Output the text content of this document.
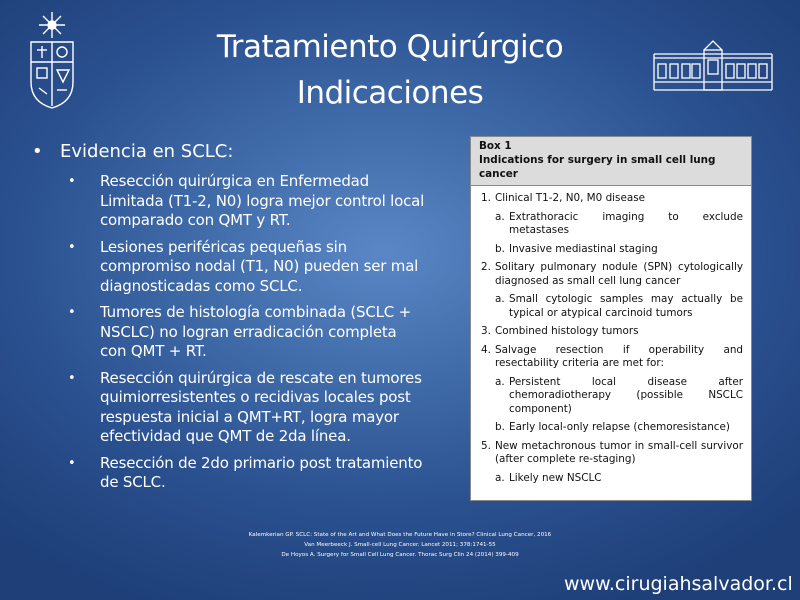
Tratamiento Quirúrgico
Indicaciones
• Evidencia en SCLC:
•	Resección quirúrgica en Enfermedad Limitada (T1-2, N0) logra mejor control local comparado con QMT y RT.
•	Lesiones periféricas pequeñas sin compromiso nodal (T1, N0) pueden ser mal diagnosticadas como SCLC.
•	Tumores de histología combinada (SCLC + NSCLC) no logran erradicación completa con QMT + RT.
•	Resección quirúrgica de rescate en tumores quimiorresistentes o recidivas locales post respuesta inicial a QMT+RT, logra mayor efectividad que QMT de 2da línea.
•	Resección de 2do primario post tratamiento de SCLC.
Box 1
Indications for surgery in small cell lung cancer
1. Clinical T1-2, N0, M0 disease
a. Extrathoracic imaging to exclude metastases
b. Invasive mediastinal staging
2. Solitary pulmonary nodule (SPN) cytologically diagnosed as small cell lung cancer
a. Small cytologic samples may actually be typical or atypical carcinoid tumors
3. Combined histology tumors
4. Salvage resection if operability and resectability criteria are met for:
a. Persistent local disease after chemoradiotherapy (possible NSCLC component)
b. Early local-only relapse (chemoresistance)
5. New metachronous tumor in small-cell survivor (after complete re-staging)
a. Likely new NSCLC
Kalemkerian GP. SCLC: State of the Art and What Does the Future Have in Store? Clinical Lung Cancer, 2016
Van Meerbeeck J. Small-cell Lung Cancer. Lancet 2011; 378:1741-55
De Hoyos A. Surgery for Small Cell Lung Cancer. Thorac Surg Clin 24 (2014) 399-409
www.cirugiahsalvador.cl
